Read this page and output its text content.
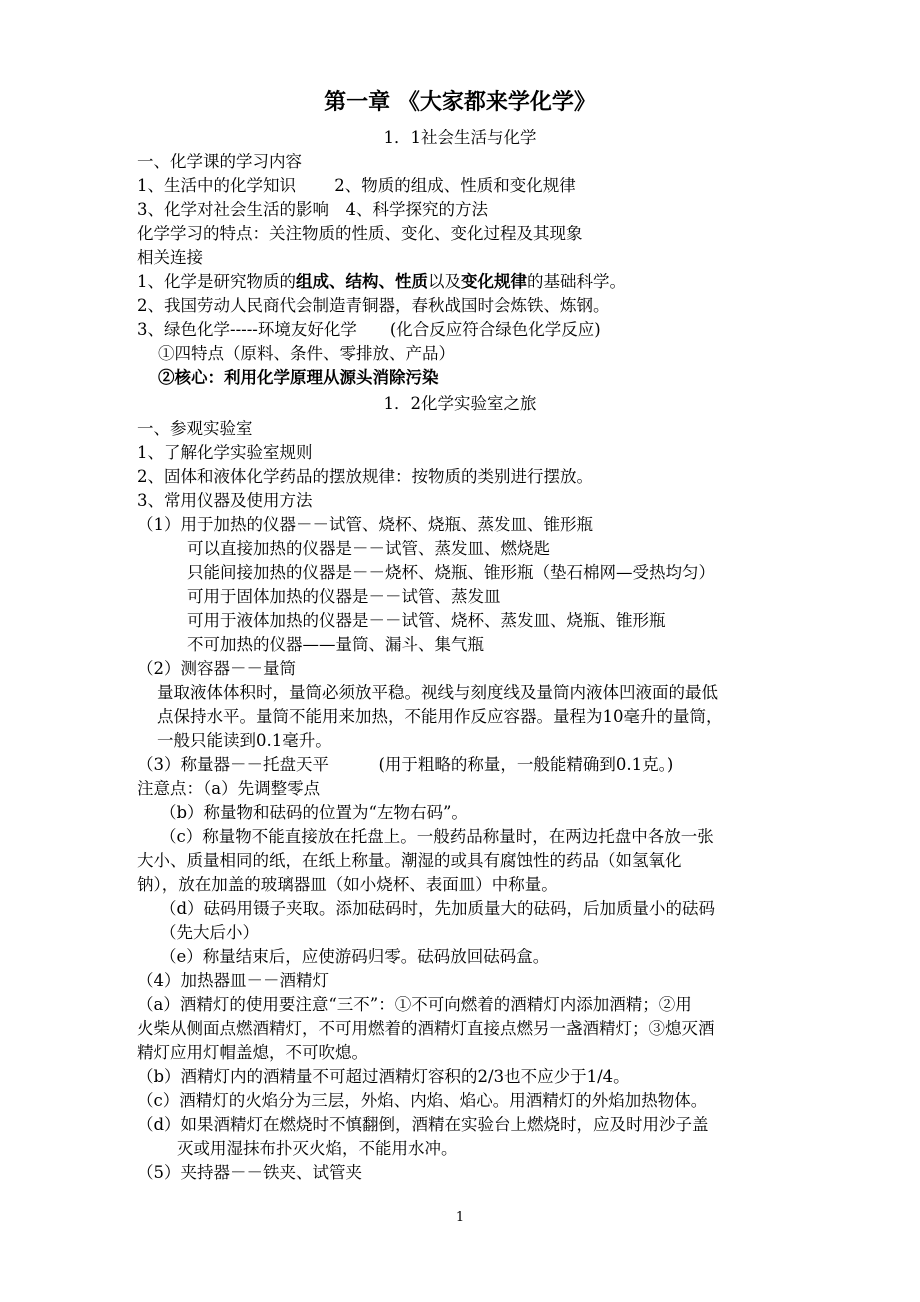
第一章 《大家都来学化学》
1．1社会生活与化学
一、化学课的学习内容
1、生活中的化学知识　　 2、物质的组成、性质和变化规律
3、化学对社会生活的影响　4、科学探究的方法
化学学习的特点：关注物质的性质、变化、变化过程及其现象
相关连接
1、化学是研究物质的组成、结构、性质以及变化规律的基础科学。
2、我国劳动人民商代会制造青铜器，春秋战国时会炼铁、炼钢。
3、绿色化学-----环境友好化学　　(化合反应符合绿色化学反应)
①四特点（原料、条件、零排放、产品）
②核心：利用化学原理从源头消除污染
1．2化学实验室之旅
一、参观实验室
1、了解化学实验室规则
2、固体和液体化学药品的摆放规律：按物质的类别进行摆放。
3、常用仪器及使用方法
（1）用于加热的仪器－－试管、烧杯、烧瓶、蒸发皿、锥形瓶
可以直接加热的仪器是－－试管、蒸发皿、燃烧匙
只能间接加热的仪器是－－烧杯、烧瓶、锥形瓶（垫石棉网—受热均匀）
可用于固体加热的仪器是－－试管、蒸发皿
可用于液体加热的仪器是－－试管、烧杯、蒸发皿、烧瓶、锥形瓶
不可加热的仪器——量筒、漏斗、集气瓶
（2）测容器－－量筒
量取液体体积时，量筒必须放平稳。视线与刻度线及量筒内液体凹液面的最低
点保持水平。量筒不能用来加热，不能用作反应容器。量程为10毫升的量筒，
一般只能读到0.1毫升。
（3）称量器－－托盘天平　　　(用于粗略的称量，一般能精确到0.1克。)
注意点：（a）先调整零点
（b）称量物和砝码的位置为“左物右码”。
（c）称量物不能直接放在托盘上。一般药品称量时，在两边托盘中各放一张
大小、质量相同的纸，在纸上称量。潮湿的或具有腐蚀性的药品（如氢氧化
钠），放在加盖的玻璃器皿（如小烧杯、表面皿）中称量。
（d）砝码用镊子夹取。添加砝码时，先加质量大的砝码，后加质量小的砝码
（先大后小）
（e）称量结束后，应使游码归零。砝码放回砝码盒。
（4）加热器皿－－酒精灯
（a）酒精灯的使用要注意“三不”：①不可向燃着的酒精灯内添加酒精；②用
火柴从侧面点燃酒精灯，不可用燃着的酒精灯直接点燃另一盏酒精灯；③熄灭酒
精灯应用灯帽盖熄，不可吹熄。
（b）酒精灯内的酒精量不可超过酒精灯容积的2/3也不应少于1/4。
（c）酒精灯的火焰分为三层，外焰、内焰、焰心。用酒精灯的外焰加热物体。
（d）如果酒精灯在燃烧时不慎翻倒，酒精在实验台上燃烧时，应及时用沙子盖
灭或用湿抹布扑灭火焰，不能用水冲。
（5）夹持器－－铁夹、试管夹
1
